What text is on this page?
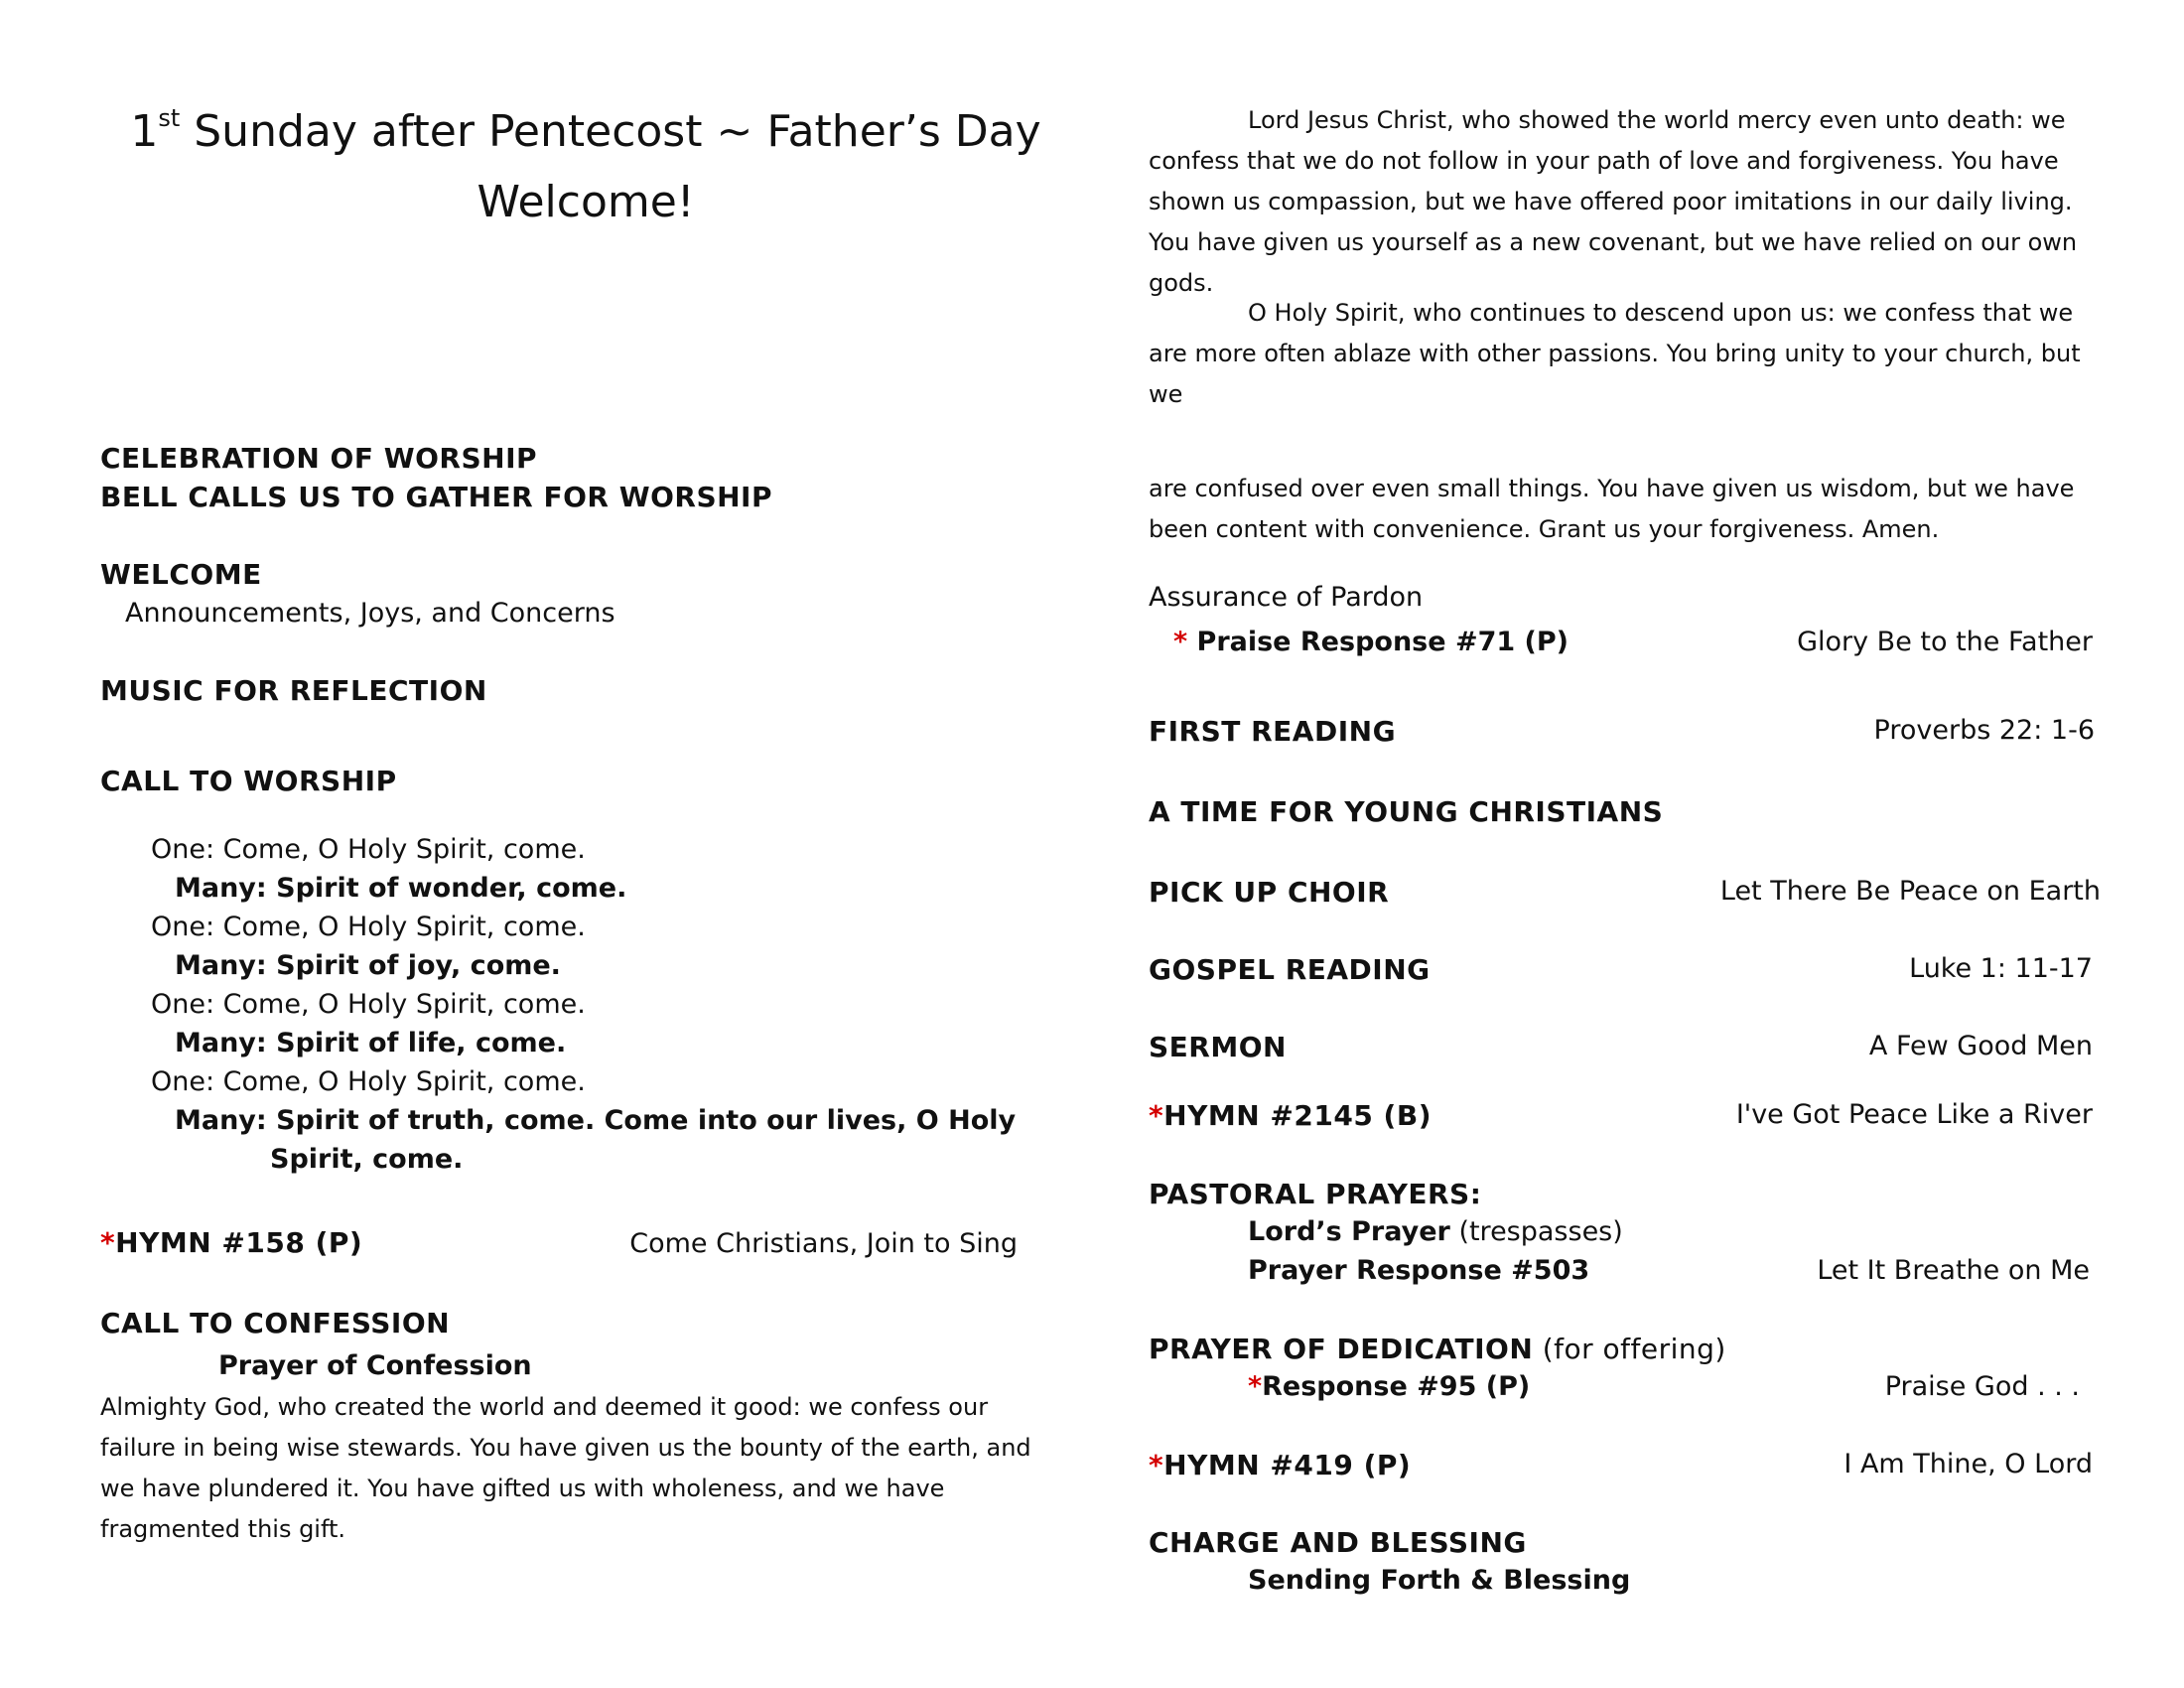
1st Sunday after Pentecost ~ Father’s Day
Welcome!
CELEBRATION OF WORSHIP
BELL CALLS US TO GATHER FOR WORSHIP
WELCOME
Announcements, Joys, and Concerns
MUSIC FOR REFLECTION
CALL TO WORSHIP
One: Come, O Holy Spirit, come.
Many: Spirit of wonder, come.
One: Come, O Holy Spirit, come.
Many: Spirit of joy, come.
One: Come, O Holy Spirit, come.
Many: Spirit of life, come.
One: Come, O Holy Spirit, come.
Many: Spirit of truth, come. Come into our lives, O Holy
Spirit, come.
*HYMN #158 (P)	Come Christians, Join to Sing
CALL TO CONFESSION
Prayer of Confession
Almighty God, who created the world and deemed it good: we confess our failure in being wise stewards. You have given us the bounty of the earth, and we have plundered it. You have gifted us with wholeness, and we have fragmented this gift.
Lord Jesus Christ, who showed the world mercy even unto death: we confess that we do not follow in your path of love and forgiveness. You have shown us compassion, but we have offered poor imitations in our daily living. You have given us yourself as a new covenant, but we have relied on our own gods.
O Holy Spirit, who continues to descend upon us: we confess that we are more often ablaze with other passions. You bring unity to your church, but we
are confused over even small things. You have given us wisdom, but we have been content with convenience. Grant us your forgiveness. Amen.
Assurance of Pardon
* Praise Response #71 (P)	Glory Be to the Father
FIRST READING	Proverbs 22: 1-6
A TIME FOR YOUNG CHRISTIANS
PICK UP CHOIR	Let There Be Peace on Earth
GOSPEL READING	Luke 1: 11-17
SERMON	A Few Good Men
*HYMN #2145 (B)	I've Got Peace Like a River
PASTORAL PRAYERS:
Lord’s Prayer (trespasses)
Prayer Response #503	Let It Breathe on Me
PRAYER OF DEDICATION (for offering)
*Response #95 (P)	Praise God . . .
*HYMN #419 (P)	I Am Thine, O Lord
CHARGE AND BLESSING
Sending Forth & Blessing
